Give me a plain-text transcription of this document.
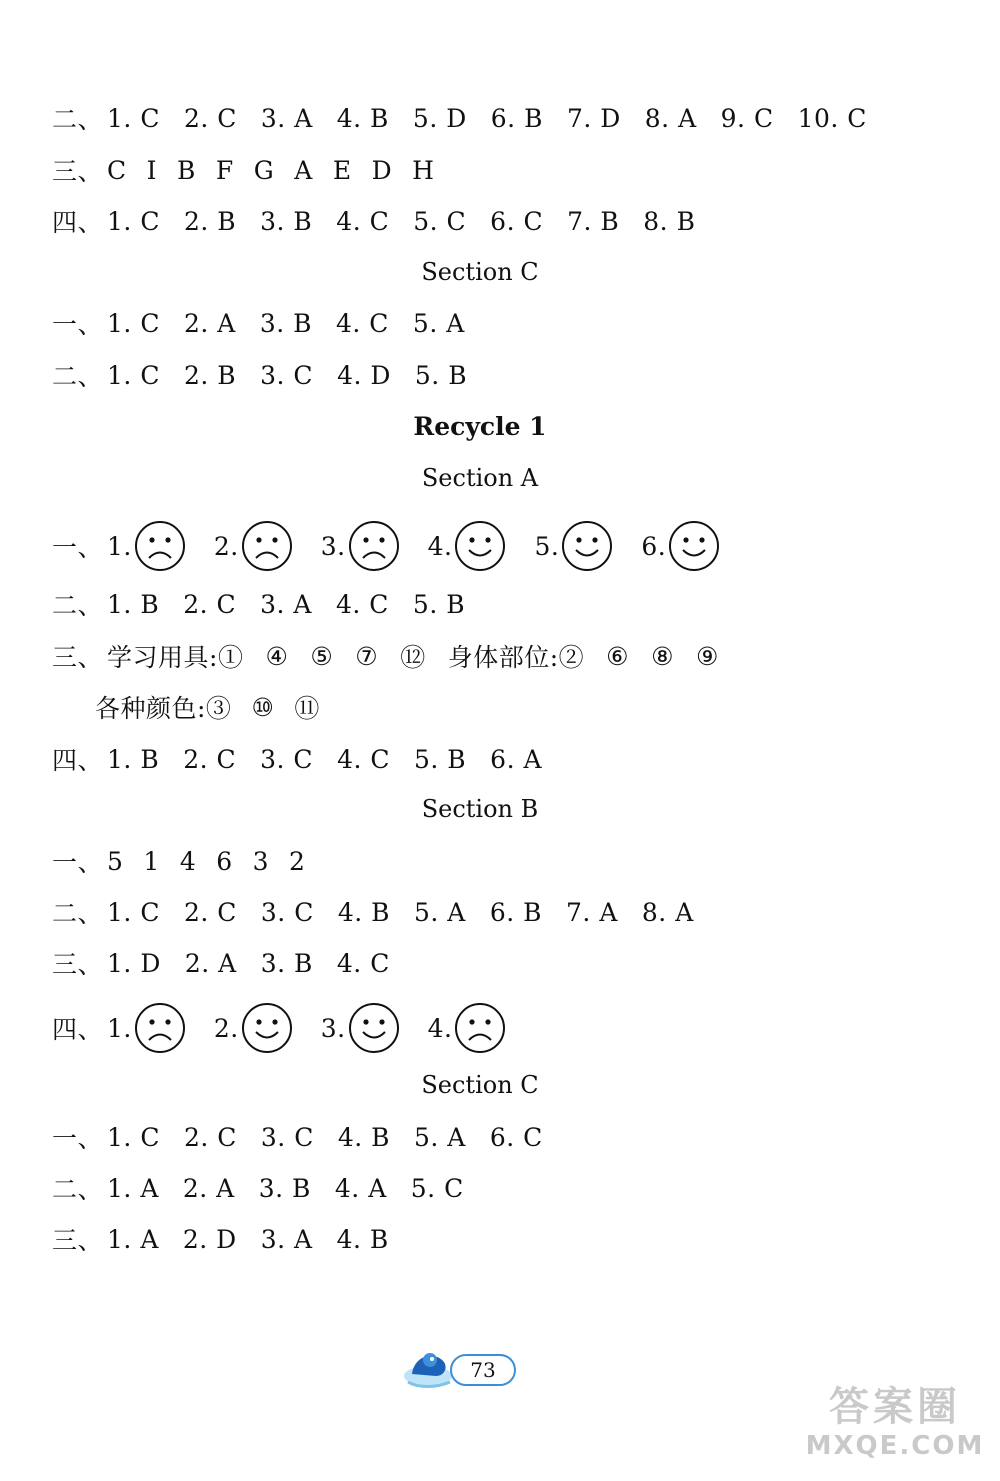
二、 1. C 2. C 3. A 4. B 5. D 6. B 7. D 8. A 9. C 10. C
三、 C I B F G A E D H
四、 1. C 2. B 3. B 4. C 5. C 6. C 7. B 8. B
一、 1. C 2. A 3. B 4. C 5. A
二、 1. C 2. B 3. C 4. D 5. B
二、 1. B 2. C 3. A 4. C 5. B
三、 学习用具:① ④ ⑤ ⑦ ⑫ 身体部位:② ⑥ ⑧ ⑨
各种颜色:③ ⑩ ⑪
四、 1. B 2. C 3. C 4. C 5. B 6. A
一、 5 1 4 6 3 2
二、 1. C 2. C 3. C 4. B 5. A 6. B 7. A 8. A
三、 1. D 2. A 3. B 4. C
一、 1. C 2. C 3. C 4. B 5. A 6. C
二、 1. A 2. A 3. B 4. A 5. C
三、 1. A 2. D 3. A 4. B
一、 1.	2.	3.	4.	5.	6.
四、 1.	2.	3.	4.
Section C
Recycle 1
Section A
Section B
Section C
73
答案圈
MXQE.COM
